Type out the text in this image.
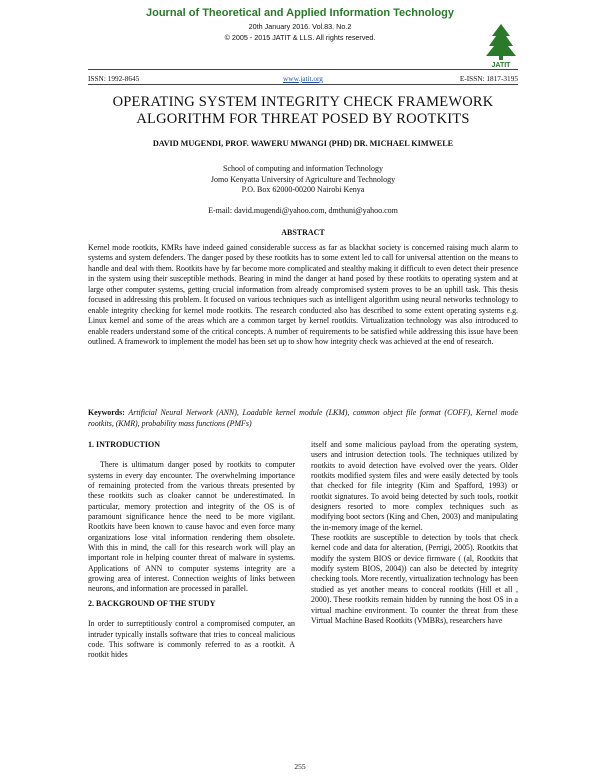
Journal of Theoretical and Applied Information Technology
20th January 2016. Vol.83. No.2
© 2005 - 2015 JATIT & LLS. All rights reserved.
JATIT
ISSN: 1992-8645	www.jatit.org	E-ISSN: 1817-3195
OPERATING SYSTEM INTEGRITY CHECK FRAMEWORK
ALGORITHM FOR THREAT POSED BY ROOTKITS
DAVID MUGENDI, PROF. WAWERU MWANGI (PHD) DR. MICHAEL KIMWELE
School of computing and information Technology
Jomo Kenyatta University of Agriculture and Technology
P.O. Box 62000-00200 Nairobi Kenya
E-mail: david.mugendi@yahoo.com, dmthuni@yahoo.com
ABSTRACT
Kernel mode rootkits, KMRs have indeed gained considerable success as far as blackhat society is concerned raising much alarm to systems and system defenders. The danger posed by these rootkits has to some extent led to call for universal attention on the means to handle and deal with them. Rootkits have by far become more complicated and stealthy making it difficult to even detect their presence in the system using their susceptible methods. Bearing in mind the danger at hand posed by these rootkits to operating system and at large other computer systems, getting crucial information from already compromised system proves to be an uphill task. This thesis focused in addressing this problem. It focused on various techniques such as intelligent algorithm using neural networks technology to enable integrity checking for kernel mode rootkits. The research conducted also has described to some extent operating systems e.g. Linux kernel and some of the areas which are a common target by kernel rootkits. Virtualization technology was also introduced to enable readers understand some of the critical concepts. A number of requirements to be satisfied while addressing this issue have been outlined. A framework to implement the model has been set up to show how integrity check was achieved at the end of research.
Keywords: Artificial Neural Network (ANN), Loadable kernel module (LKM), common object file format (COFF), Kernel mode rootkits, (KMR), probability mass functions (PMFs)
1. INTRODUCTION
There is ultimatum danger posed by rootkits to computer systems in every day encounter. The overwhelming importance of remaining protected from the various threats presented by these rootkits such as cloaker cannot be underestimated. In particular, memory protection and integrity of the OS is of paramount significance hence the need to be more vigilant. Rootkits have been known to cause havoc and even force many organizations lose vital information rendering them obsolete. With this in mind, the call for this research work will play an important role in helping counter threat of malware in systems. Applications of ANN to computer systems integrity are a growing area of interest. Connection weights of links between neurons, and information are processed in parallel.
2. BACKGROUND OF THE STUDY
In order to surreptitiously control a compromised computer, an intruder typically installs software that tries to conceal malicious code. This software is commonly referred to as a rootkit. A rootkit hides
itself and some malicious payload from the operating system, users and intrusion detection tools. The techniques utilized by rootkits to avoid detection have evolved over the years. Older rootkits modified system files and were easily detected by tools that checked for file integrity (Kim and Spafford, 1993) or rootkit signatures. To avoid being detected by such tools, rootkit designers resorted to more complex techniques such as modifying boot sectors (King and Chen, 2003) and manipulating the in-memory image of the kernel.
These rootkits are susceptible to detection by tools that check kernel code and data for alteration, (Perrigi, 2005). Rootkits that modify the system BIOS or device firmware ( (al, Rootkits that modify system BIOS, 2004)) can also be detected by integrity checking tools. More recently, virtualization technology has been studied as yet another means to conceal rootkits (Hill et all , 2000). These rootkits remain hidden by running the host OS in a virtual machine environment. To counter the threat from these Virtual Machine Based Rootkits (VMBRs), researchers have
255
